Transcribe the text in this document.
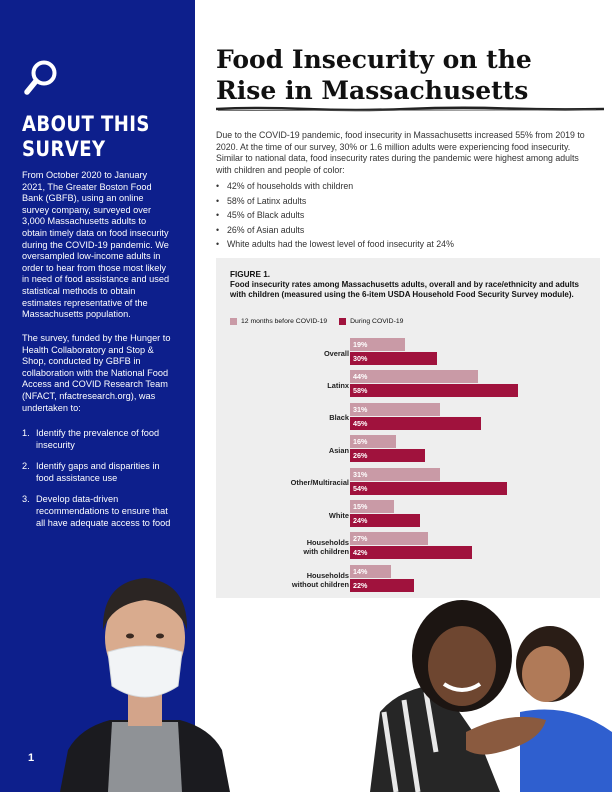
ABOUT THIS
SURVEY

From October 2020 to January 2021, The Greater Boston Food Bank (GBFB), using an online survey company, surveyed over 3,000 Massachusetts adults to obtain timely data on food insecurity during the COVID-19 pandemic. We oversampled low-income adults in order to hear from those most likely in need of food assistance and used statistical methods to obtain estimates representative of the Massachusetts population.

The survey, funded by the Hunger to Health Collaboratory and Stop & Shop, conducted by GBFB in collaboration with the National Food Access and COVID Research Team (NFACT, nfactresearch.org), was undertaken to:

1. Identify the prevalence of food insecurity
2. Identify gaps and disparities in food assistance use
3. Develop data-driven recommendations to ensure that all have adequate access to food
1
Food Insecurity on the
Rise in Massachusetts

Due to the COVID-19 pandemic, food insecurity in Massachusetts increased 55% from 2019 to 2020. At the time of our survey, 30% or 1.6 million adults were experiencing food insecurity. Similar to national data, food insecurity rates during the pandemic were highest among adults with children and people of color:

• 42% of households with children
• 58% of Latinx adults
• 45% of Black adults
• 26% of Asian adults
• White adults had the lowest level of food insecurity at 24%
FIGURE 1.
Food insecurity rates among Massachusetts adults, overall and by race/ethnicity and adults with children (measured using the 6-item USDA Household Food Security Survey module).
12 months before COVID-19	During COVID-19
Overall
19%
30%
Latinx
44%
58%
Black
31%
45%
Asian
16%
26%
Other/Multiracial
31%
54%
White
15%
24%
Households
with children
27%
42%
Households
without children
14%
22%
